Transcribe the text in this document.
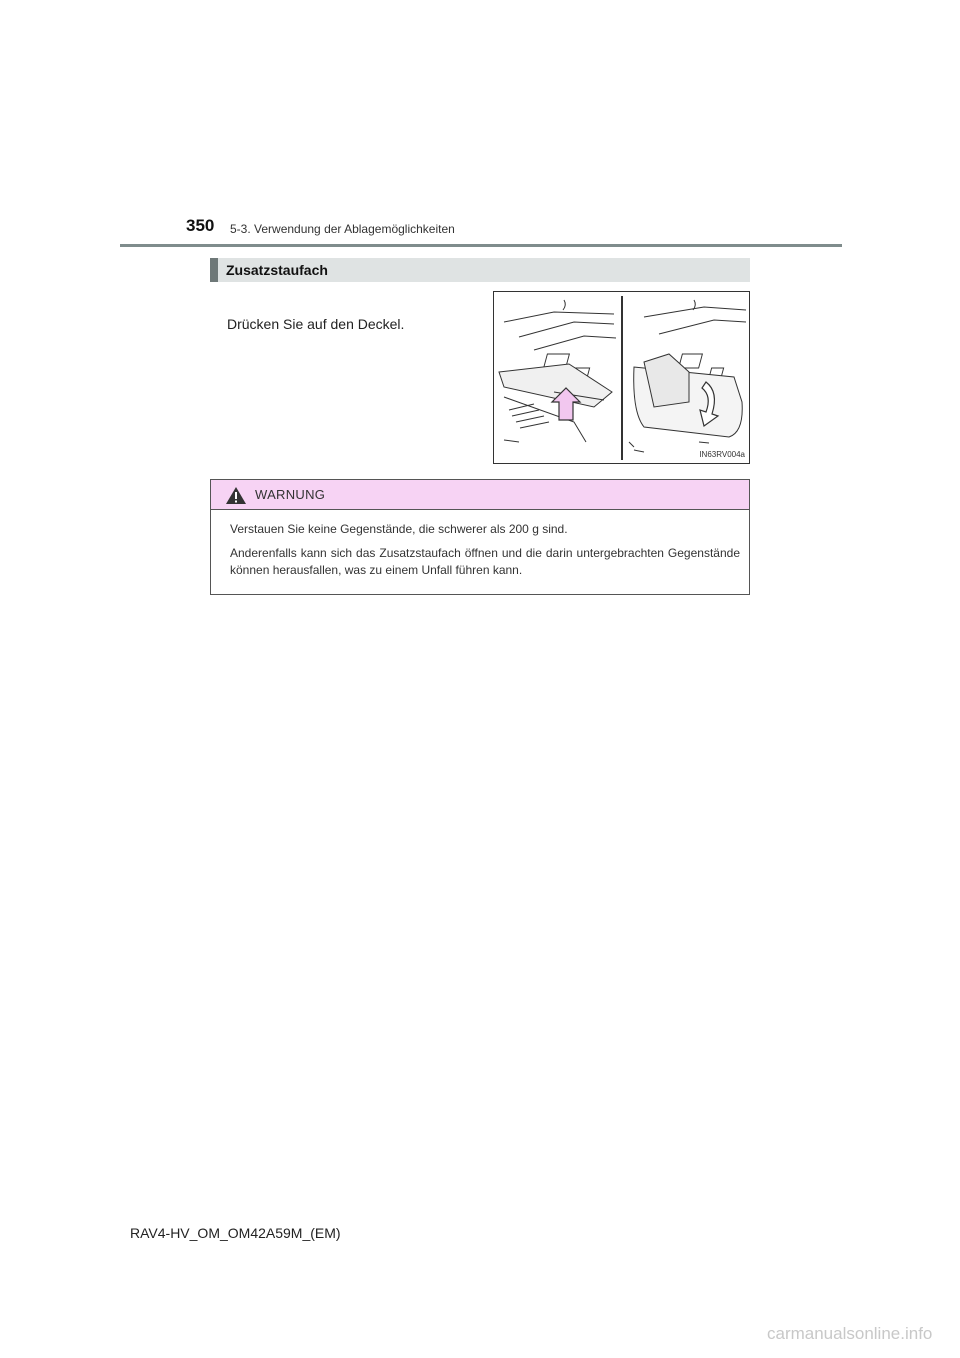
350 5-3. Verwendung der Ablagemöglichkeiten
Zusatzstaufach
Drücken Sie auf den Deckel.
IN63RV004a
WARNUNG
Verstauen Sie keine Gegenstände, die schwerer als 200 g sind.
Anderenfalls kann sich das Zusatzstaufach öffnen und die darin untergebrachten Gegenstände können herausfallen, was zu einem Unfall führen kann.
RAV4-HV_OM_OM42A59M_(EM)
carmanualsonline.info
